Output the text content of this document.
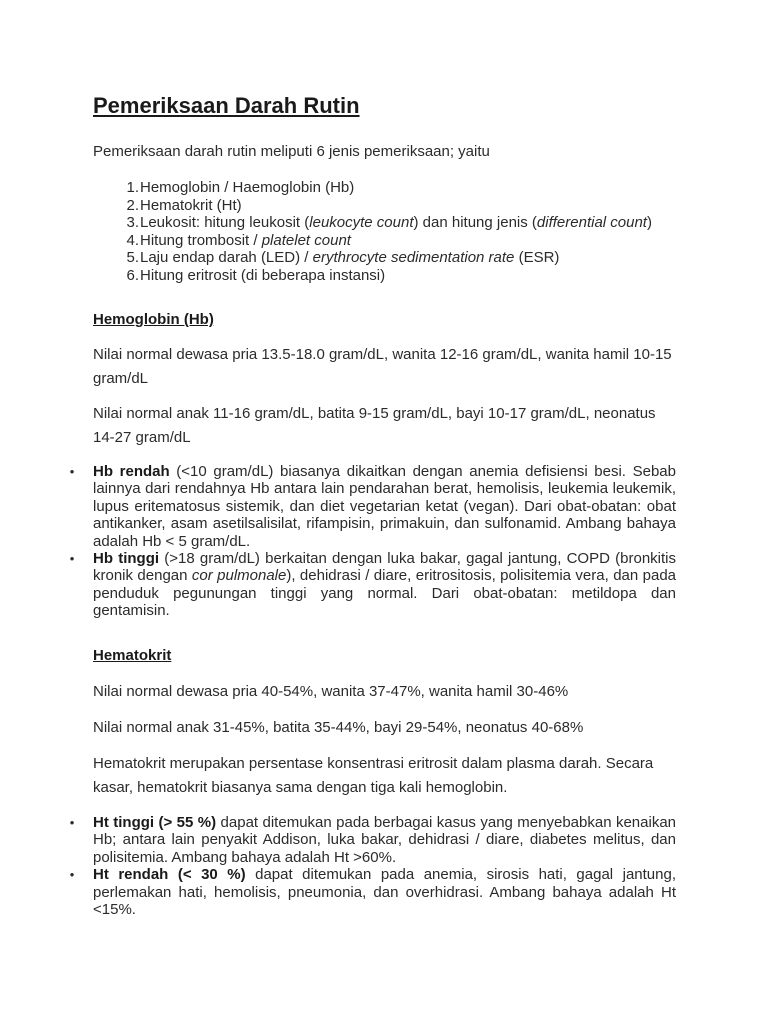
Pemeriksaan Darah Rutin

Pemeriksaan darah rutin meliputi 6 jenis pemeriksaan; yaitu

1. Hemoglobin / Haemoglobin (Hb)
2. Hematokrit (Ht)
3. Leukosit: hitung leukosit (leukocyte count) dan hitung jenis (differential count)
4. Hitung trombosit / platelet count
5. Laju endap darah (LED) / erythrocyte sedimentation rate (ESR)
6. Hitung eritrosit (di beberapa instansi)
Hemoglobin (Hb)

Nilai normal dewasa pria 13.5-18.0 gram/dL, wanita 12-16 gram/dL, wanita hamil 10-15 gram/dL

Nilai normal anak 11-16 gram/dL, batita 9-15 gram/dL, bayi 10-17 gram/dL, neonatus 14-27 gram/dL

• Hb rendah (<10 gram/dL) biasanya dikaitkan dengan anemia defisiensi besi. Sebab lainnya dari rendahnya Hb antara lain pendarahan berat, hemolisis, leukemia leukemik, lupus eritematosus sistemik, dan diet vegetarian ketat (vegan). Dari obat-obatan: obat antikanker, asam asetilsalisilat, rifampisin, primakuin, dan sulfonamid. Ambang bahaya adalah Hb < 5 gram/dL.
• Hb tinggi (>18 gram/dL) berkaitan dengan luka bakar, gagal jantung, COPD (bronkitis kronik dengan cor pulmonale), dehidrasi / diare, eritrositosis, polisitemia vera, dan pada penduduk pegunungan tinggi yang normal. Dari obat-obatan: metildopa dan gentamisin.
Hematokrit

Nilai normal dewasa pria 40-54%, wanita 37-47%, wanita hamil 30-46%

Nilai normal anak 31-45%, batita 35-44%, bayi 29-54%, neonatus 40-68%

Hematokrit merupakan persentase konsentrasi eritrosit dalam plasma darah. Secara kasar, hematokrit biasanya sama dengan tiga kali hemoglobin.

• Ht tinggi (> 55 %) dapat ditemukan pada berbagai kasus yang menyebabkan kenaikan Hb; antara lain penyakit Addison, luka bakar, dehidrasi / diare, diabetes melitus, dan polisitemia. Ambang bahaya adalah Ht >60%.
• Ht rendah (< 30 %) dapat ditemukan pada anemia, sirosis hati, gagal jantung, perlemakan hati, hemolisis, pneumonia, dan overhidrasi. Ambang bahaya adalah Ht <15%.
